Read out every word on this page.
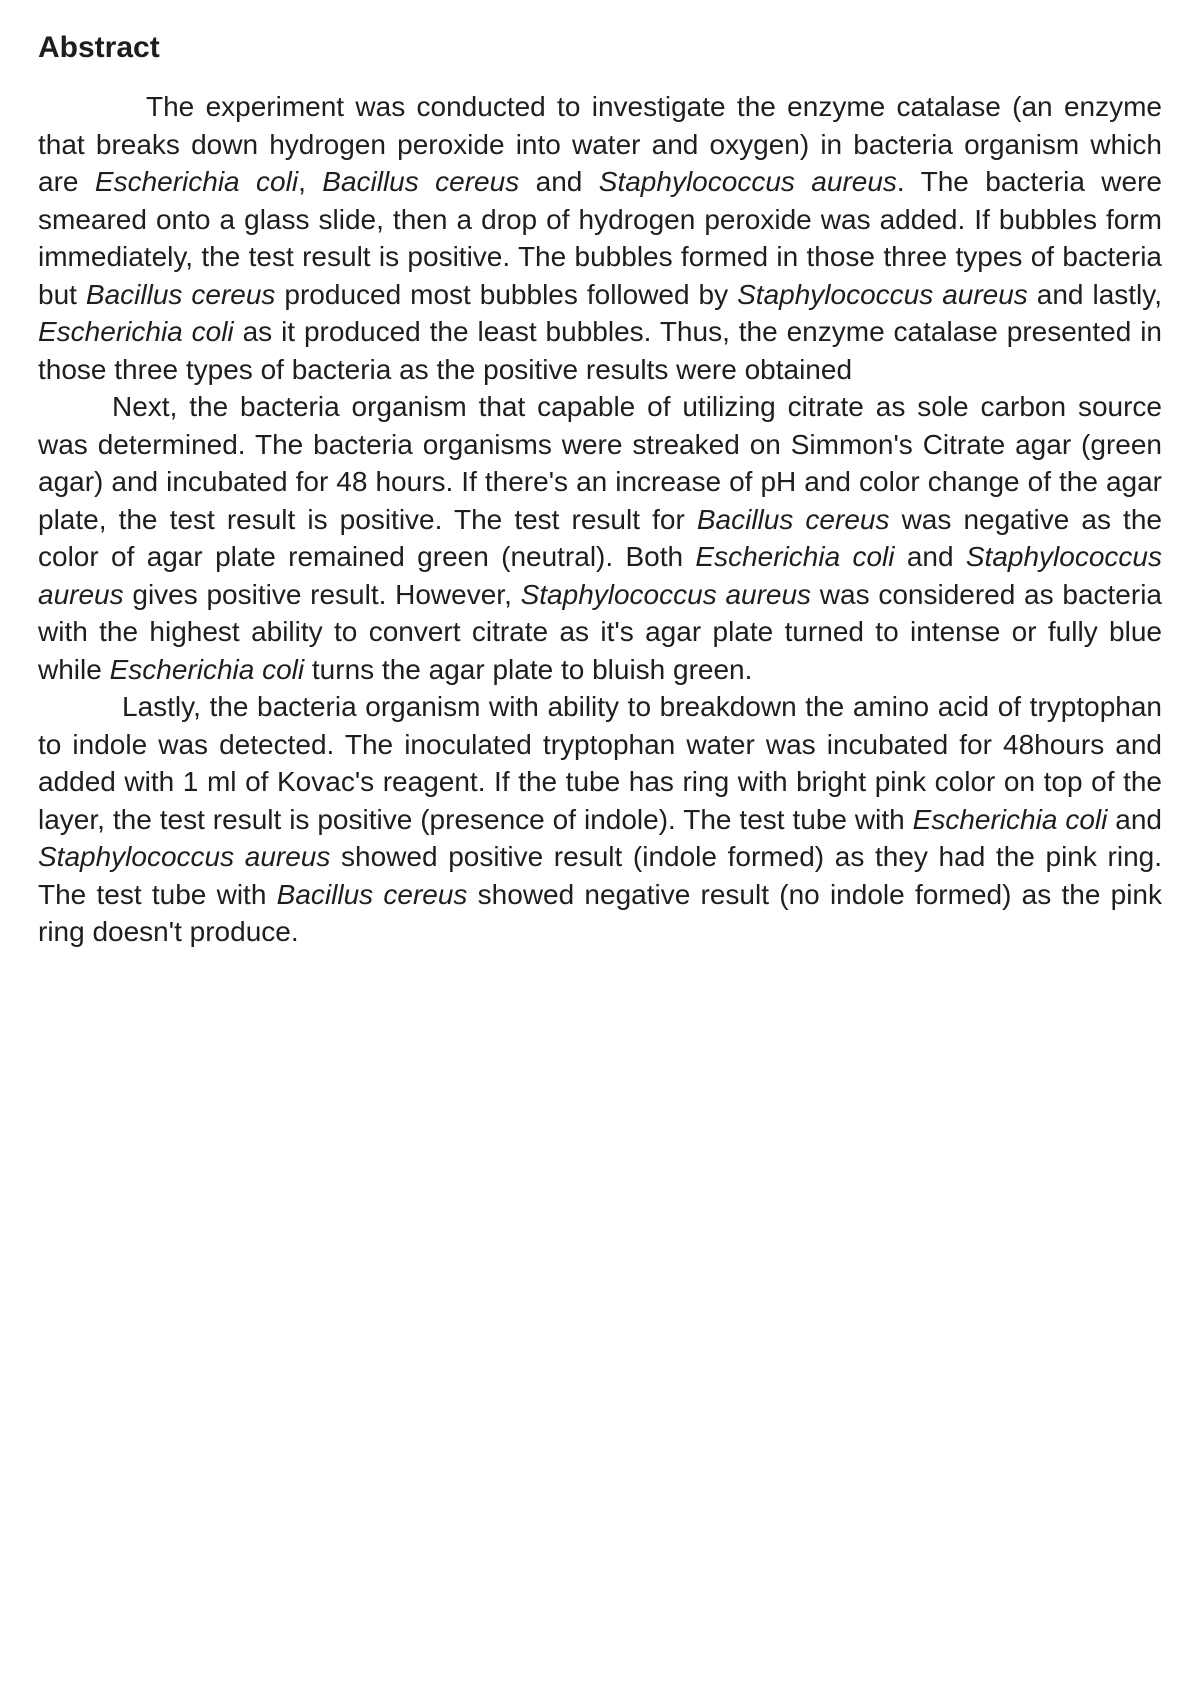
Abstract

The experiment was conducted to investigate the enzyme catalase (an enzyme that breaks down hydrogen peroxide into water and oxygen) in bacteria organism which are Escherichia coli, Bacillus cereus and Staphylococcus aureus. The bacteria were smeared onto a glass slide, then a drop of hydrogen peroxide was added. If bubbles form immediately, the test result is positive. The bubbles formed in those three types of bacteria but Bacillus cereus produced most bubbles followed by Staphylococcus aureus and lastly, Escherichia coli as it produced the least bubbles. Thus, the enzyme catalase presented in those three types of bacteria as the positive results were obtained

Next, the bacteria organism that capable of utilizing citrate as sole carbon source was determined. The bacteria organisms were streaked on Simmon's Citrate agar (green agar) and incubated for 48 hours. If there's an increase of pH and color change of the agar plate, the test result is positive. The test result for Bacillus cereus was negative as the color of agar plate remained green (neutral). Both Escherichia coli and Staphylococcus aureus gives positive result. However, Staphylococcus aureus was considered as bacteria with the highest ability to convert citrate as it's agar plate turned to intense or fully blue while Escherichia coli turns the agar plate to bluish green.

Lastly, the bacteria organism with ability to breakdown the amino acid of tryptophan to indole was detected. The inoculated tryptophan water was incubated for 48hours and added with 1 ml of Kovac's reagent. If the tube has ring with bright pink color on top of the layer, the test result is positive (presence of indole). The test tube with Escherichia coli and Staphylococcus aureus showed positive result (indole formed) as they had the pink ring. The test tube with Bacillus cereus showed negative result (no indole formed) as the pink ring doesn't produce.
